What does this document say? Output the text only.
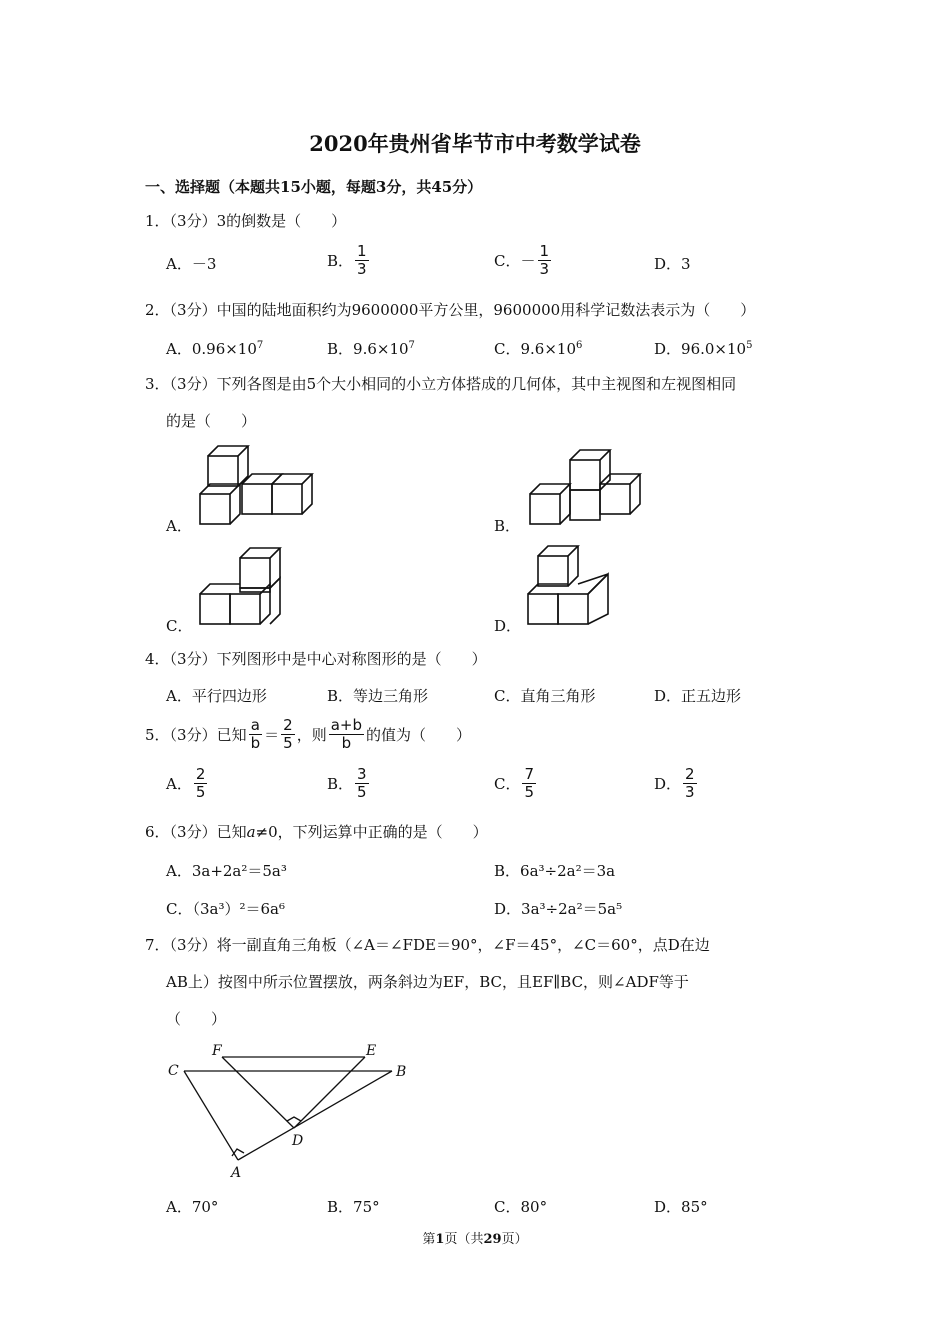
2020年贵州省毕节市中考数学试卷
一、选择题（本题共15小题，每题3分，共45分）
1．（3分）3的倒数是（　　）
A．－3	B． $\frac{1}{3}$	C．－ $\frac{1}{3}$	D．3
2．（3分）中国的陆地面积约为9600000平方公里，9600000用科学记数法表示为（　　）
A．$0.96\times 10^7$	B．$9.6\times 10^7$	C．$9.6\times 10^6$	D．$96.0\times 10^5$
3．（3分）下列各图是由5个大小相同的小立方体搭成的几何体，其中主视图和左视图相同
的是（　　）
A．	B．
C．	D．
4．（3分）下列图形中是中心对称图形的是（　　）
A．平行四边形	B．等边三角形	C．直角三角形	D．正五边形
5．（3分）已知 $\frac{a}{b} = \frac{2}{5}$ ，则 $\frac{a+b}{b}$ 的值为（　　）
A． $\frac{2}{5}$	B． $\frac{3}{5}$	C． $\frac{7}{5}$	D． $\frac{2}{3}$
6．（3分）已知a≠0，下列运算中正确的是（　　）
A．3a+2a²＝5a³	B．6a³÷2a²＝3a
C．（3a³）²＝6a⁶	D．3a³÷2a²＝5a⁵
7．（3分）将一副直角三角板（∠A＝∠FDE＝90°，∠F＝45°，∠C＝60°，点D在边
AB上）按图中所示位置摆放，两条斜边为EF，BC，且EF∥BC，则∠ADF等于
（　　）
C
F	E
B
D
A
A．70°	B．75°	C．80°	D．85°
第1页（共29页）
